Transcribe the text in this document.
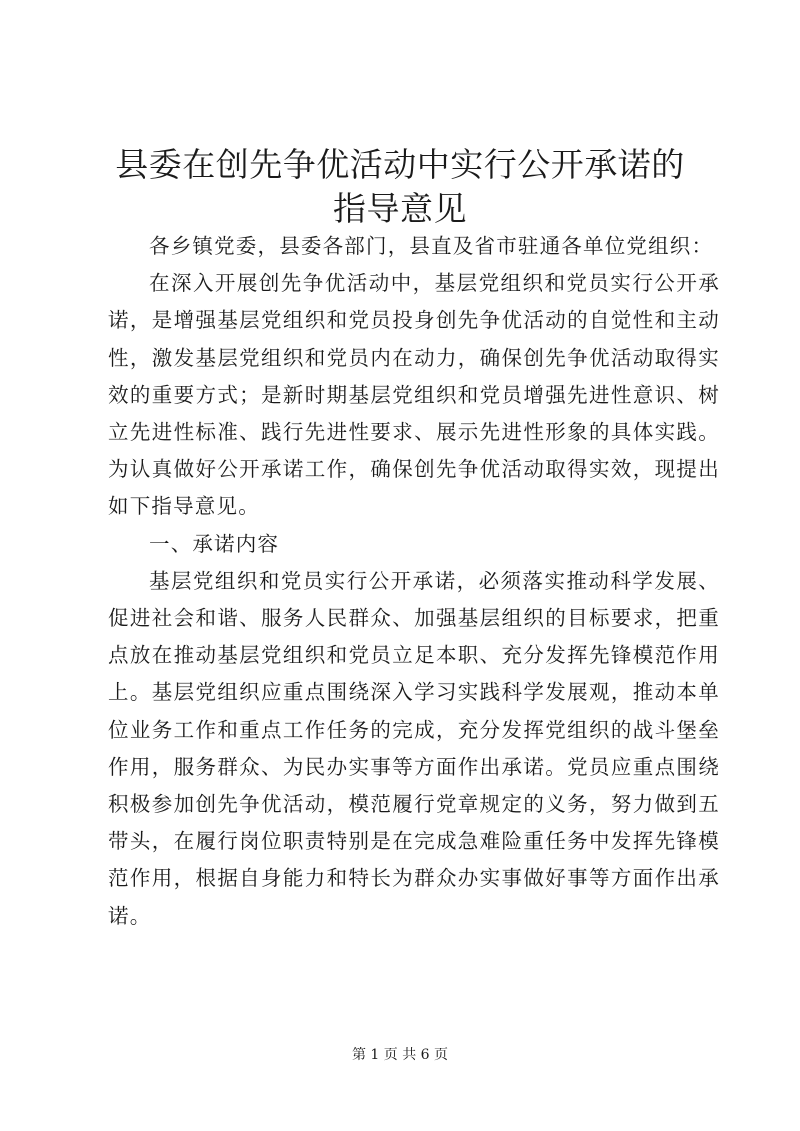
县委在创先争优活动中实行公开承诺的指导意见

各乡镇党委，县委各部门，县直及省市驻通各单位党组织：

在深入开展创先争优活动中，基层党组织和党员实行公开承诺，是增强基层党组织和党员投身创先争优活动的自觉性和主动性，激发基层党组织和党员内在动力，确保创先争优活动取得实效的重要方式；是新时期基层党组织和党员增强先进性意识、树立先进性标准、践行先进性要求、展示先进性形象的具体实践。为认真做好公开承诺工作，确保创先争优活动取得实效，现提出如下指导意见。

一、承诺内容

基层党组织和党员实行公开承诺，必须落实推动科学发展、促进社会和谐、服务人民群众、加强基层组织的目标要求，把重点放在推动基层党组织和党员立足本职、充分发挥先锋模范作用上。基层党组织应重点围绕深入学习实践科学发展观，推动本单位业务工作和重点工作任务的完成，充分发挥党组织的战斗堡垒作用，服务群众、为民办实事等方面作出承诺。党员应重点围绕积极参加创先争优活动，模范履行党章规定的义务，努力做到五带头，在履行岗位职责特别是在完成急难险重任务中发挥先锋模范作用，根据自身能力和特长为群众办实事做好事等方面作出承诺。

第 1 页 共 6 页
